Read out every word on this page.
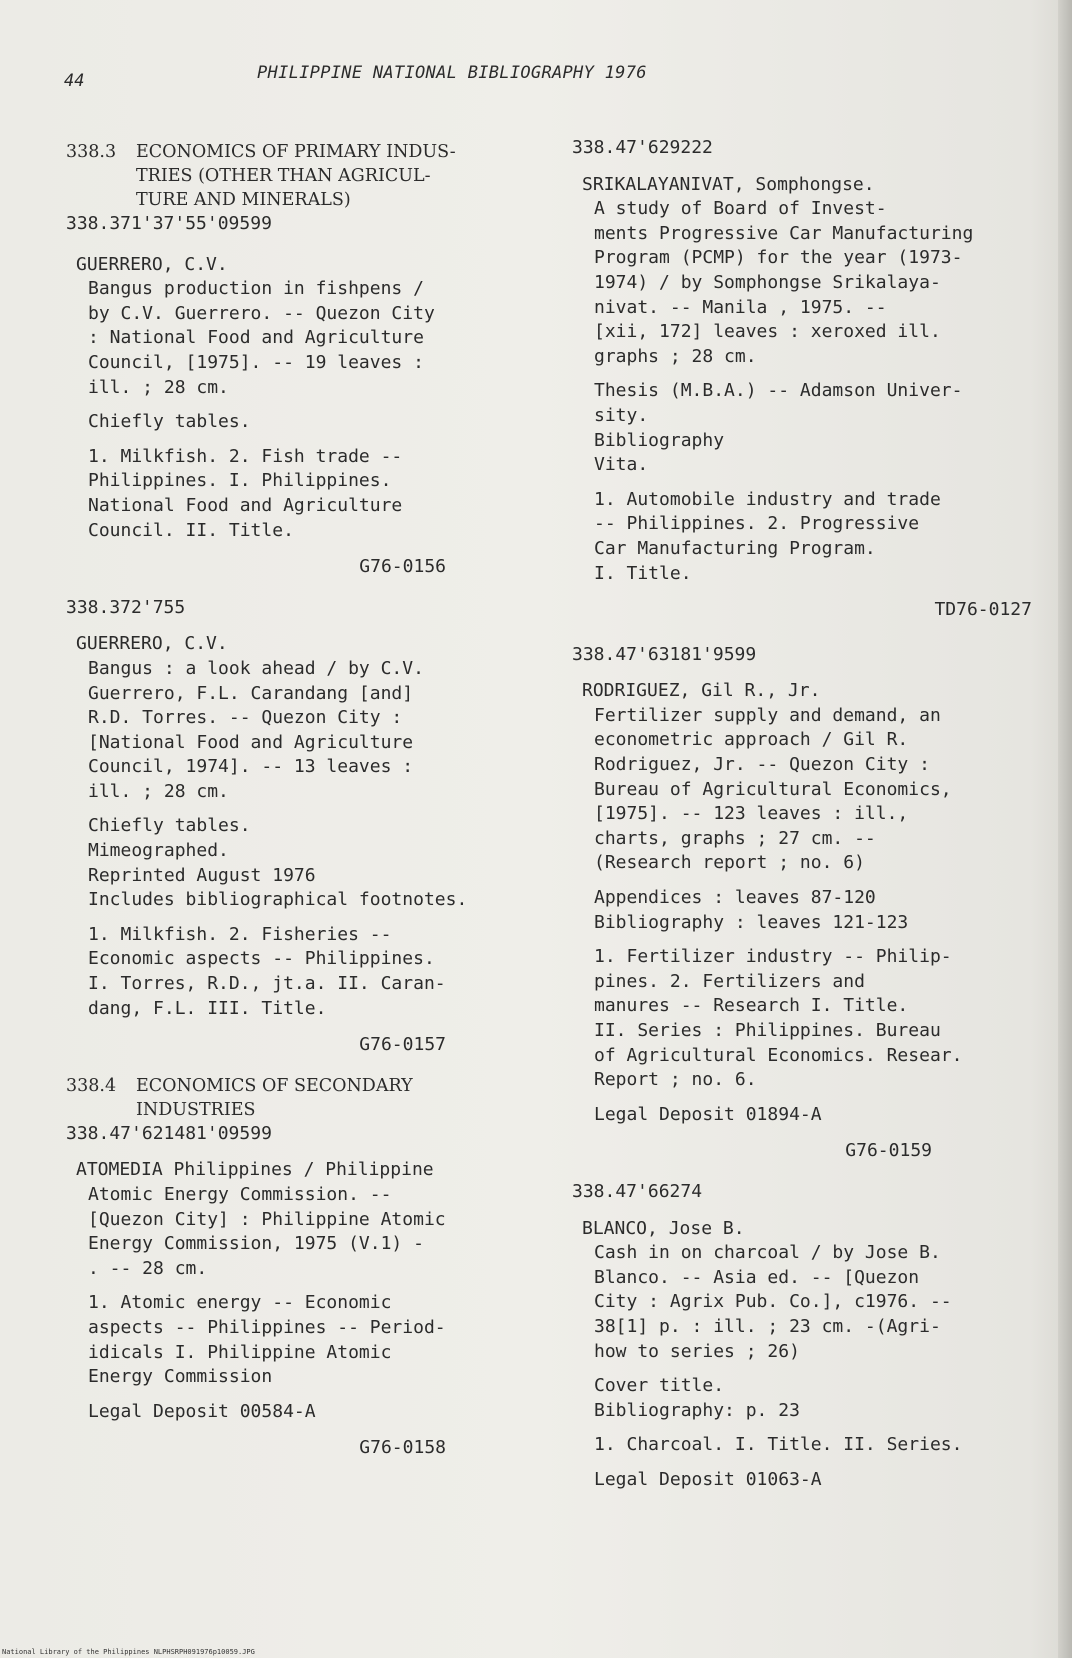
44	PHILIPPINE NATIONAL BIBLIOGRAPHY 1976
338.3 ECONOMICS OF PRIMARY INDUS-
TRIES (OTHER THAN AGRICUL-
TURE AND MINERALS)
338.371'37'55'09599
GUERRERO, C.V.
Bangus production in fishpens /
by C.V. Guerrero. -- Quezon City
: National Food and Agriculture
Council, [1975]. -- 19 leaves :
ill. ; 28 cm.
Chiefly tables.
1. Milkfish. 2. Fish trade --
Philippines. I. Philippines.
National Food and Agriculture
Council. II. Title.
G76-0156
338.372'755
GUERRERO, C.V.
Bangus : a look ahead / by C.V.
Guerrero, F.L. Carandang [and]
R.D. Torres. -- Quezon City :
[National Food and Agriculture
Council, 1974]. -- 13 leaves :
ill. ; 28 cm.
Chiefly tables.
Mimeographed.
Reprinted August 1976
Includes bibliographical footnotes.
1. Milkfish. 2. Fisheries --
Economic aspects -- Philippines.
I. Torres, R.D., jt.a. II. Caran-
dang, F.L. III. Title.
G76-0157
338.4 ECONOMICS OF SECONDARY
INDUSTRIES
338.47'621481'09599
ATOMEDIA Philippines / Philippine
Atomic Energy Commission. --
[Quezon City] : Philippine Atomic
Energy Commission, 1975 (V.1) -
. -- 28 cm.
1. Atomic energy -- Economic
aspects -- Philippines -- Period-
idicals I. Philippine Atomic
Energy Commission
Legal Deposit 00584-A
G76-0158
338.47'629222
SRIKALAYANIVAT, Somphongse.
A study of Board of Invest-
ments Progressive Car Manufacturing
Program (PCMP) for the year (1973-
1974) / by Somphongse Srikalaya-
nivat. -- Manila , 1975. --
[xii, 172] leaves : xeroxed ill.
graphs ; 28 cm.
Thesis (M.B.A.) -- Adamson Univer-
sity.
Bibliography
Vita.
1. Automobile industry and trade
-- Philippines. 2. Progressive
Car Manufacturing Program.
I. Title.
TD76-0127
338.47'63181'9599
RODRIGUEZ, Gil R., Jr.
Fertilizer supply and demand, an
econometric approach / Gil R.
Rodriguez, Jr. -- Quezon City :
Bureau of Agricultural Economics,
[1975]. -- 123 leaves : ill.,
charts, graphs ; 27 cm. --
(Research report ; no. 6)
Appendices : leaves 87-120
Bibliography : leaves 121-123
1. Fertilizer industry -- Philip-
pines. 2. Fertilizers and
manures -- Research I. Title.
II. Series : Philippines. Bureau
of Agricultural Economics. Resear.
Report ; no. 6.
Legal Deposit 01894-A
G76-0159
338.47'66274
BLANCO, Jose B.
Cash in on charcoal / by Jose B.
Blanco. -- Asia ed. -- [Quezon
City : Agrix Pub. Co.], c1976. --
38[1] p. : ill. ; 23 cm. -(Agri-
how to series ; 26)
Cover title.
Bibliography: p. 23
1. Charcoal. I. Title. II. Series.
Legal Deposit 01063-A
National Library of the Philippines NLPHSRPH091976p10059.JPG
